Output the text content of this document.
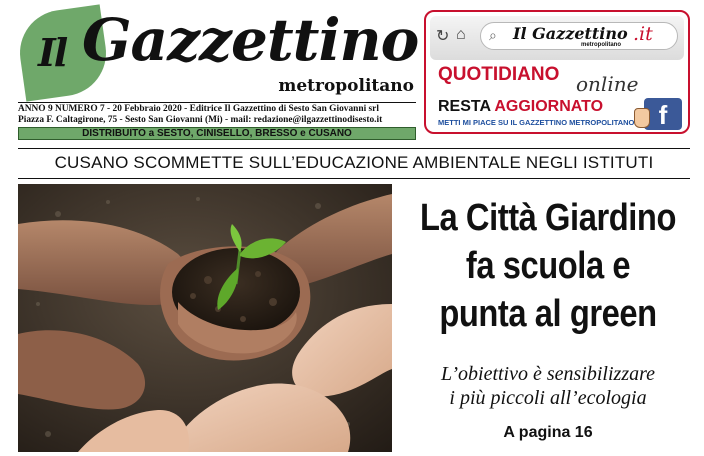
Il Gazzettino
metropolitano
ANNO 9 NUMERO 7 - 20 Febbraio 2020 - Editrice Il Gazzettino di Sesto San Giovanni srl
Piazza F. Caltagirone, 75 - Sesto San Giovanni (Mi) - mail: redazione@ilgazzettinodisesto.it
DISTRIBUITO a SESTO, CINISELLO, BRESSO e CUSANO
↻ ⌂ ⌕ Il Gazzettino .it
metropolitano
QUOTIDIANO online
RESTA AGGIORNATO
METTI MI PIACE SU IL GAZZETTINO METROPOLITANO f
CUSANO SCOMMETTE SULL’EDUCAZIONE AMBIENTALE NEGLI ISTITUTI
La Città Giardino
fa scuola e
punta al green
L’obiettivo è sensibilizzare
i più piccoli all’ecologia
A pagina 16
